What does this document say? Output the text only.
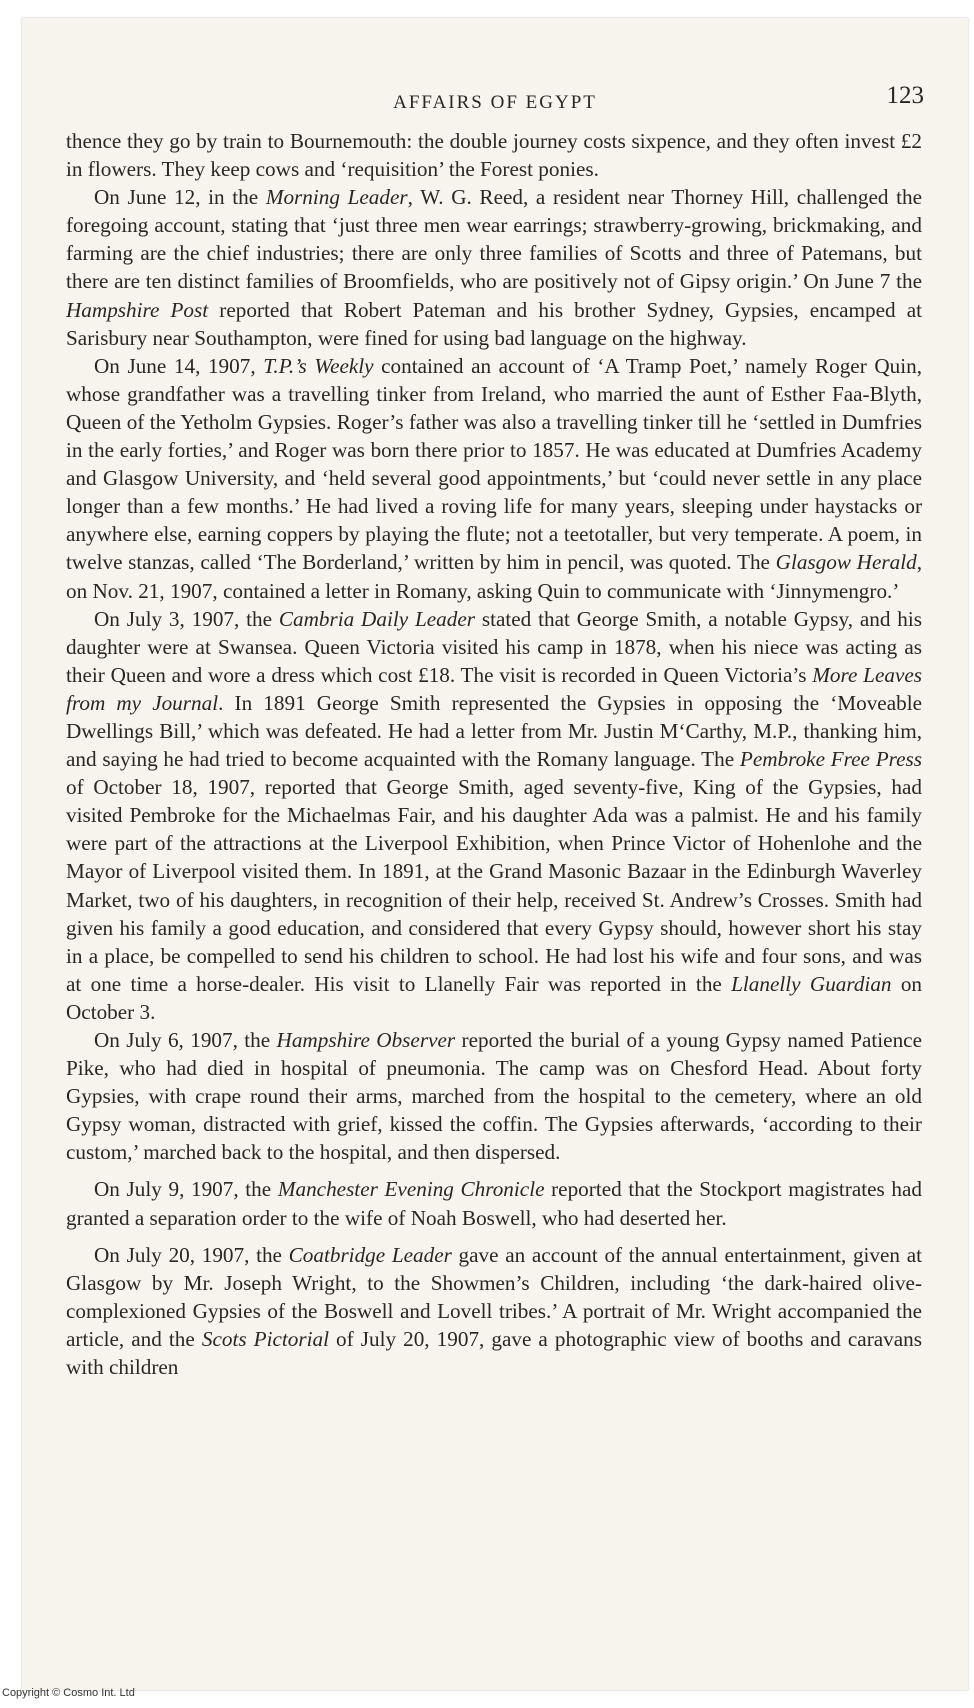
AFFAIRS OF EGYPT	123

thence they go by train to Bournemouth: the double journey costs sixpence, and they often invest £2 in flowers. They keep cows and ‘requisition’ the Forest ponies.

On June 12, in the Morning Leader, W. G. Reed, a resident near Thorney Hill, challenged the foregoing account, stating that ‘just three men wear earrings; strawberry-growing, brickmaking, and farming are the chief industries; there are only three families of Scotts and three of Patemans, but there are ten distinct families of Broomfields, who are positively not of Gipsy origin.’ On June 7 the Hampshire Post reported that Robert Pateman and his brother Sydney, Gypsies, encamped at Sarisbury near Southampton, were fined for using bad language on the highway.

On June 14, 1907, T.P.’s Weekly contained an account of ‘A Tramp Poet,’ namely Roger Quin, whose grandfather was a travelling tinker from Ireland, who married the aunt of Esther Faa-Blyth, Queen of the Yetholm Gypsies. Roger’s father was also a travelling tinker till he ‘settled in Dumfries in the early forties,’ and Roger was born there prior to 1857. He was educated at Dumfries Academy and Glasgow University, and ‘held several good appointments,’ but ‘could never settle in any place longer than a few months.’ He had lived a roving life for many years, sleeping under haystacks or anywhere else, earning coppers by playing the flute; not a teetotaller, but very temperate. A poem, in twelve stanzas, called ‘The Borderland,’ written by him in pencil, was quoted. The Glasgow Herald, on Nov. 21, 1907, contained a letter in Romany, asking Quin to communicate with ‘Jinnymengro.’

On July 3, 1907, the Cambria Daily Leader stated that George Smith, a notable Gypsy, and his daughter were at Swansea. Queen Victoria visited his camp in 1878, when his niece was acting as their Queen and wore a dress which cost £18. The visit is recorded in Queen Victoria’s More Leaves from my Journal. In 1891 George Smith represented the Gypsies in opposing the ‘Moveable Dwellings Bill,’ which was defeated. He had a letter from Mr. Justin M‘Carthy, M.P., thanking him, and saying he had tried to become acquainted with the Romany language. The Pembroke Free Press of October 18, 1907, reported that George Smith, aged seventy-five, King of the Gypsies, had visited Pembroke for the Michaelmas Fair, and his daughter Ada was a palmist. He and his family were part of the attractions at the Liverpool Exhibition, when Prince Victor of Hohenlohe and the Mayor of Liverpool visited them. In 1891, at the Grand Masonic Bazaar in the Edinburgh Waverley Market, two of his daughters, in recognition of their help, received St. Andrew’s Crosses. Smith had given his family a good education, and considered that every Gypsy should, however short his stay in a place, be compelled to send his children to school. He had lost his wife and four sons, and was at one time a horse-dealer. His visit to Llanelly Fair was reported in the Llanelly Guardian on October 3.

On July 6, 1907, the Hampshire Observer reported the burial of a young Gypsy named Patience Pike, who had died in hospital of pneumonia. The camp was on Chesford Head. About forty Gypsies, with crape round their arms, marched from the hospital to the cemetery, where an old Gypsy woman, distracted with grief, kissed the coffin. The Gypsies afterwards, ‘according to their custom,’ marched back to the hospital, and then dispersed.

On July 9, 1907, the Manchester Evening Chronicle reported that the Stockport magistrates had granted a separation order to the wife of Noah Boswell, who had deserted her.

On July 20, 1907, the Coatbridge Leader gave an account of the annual entertainment, given at Glasgow by Mr. Joseph Wright, to the Showmen’s Children, including ‘the dark-haired olive-complexioned Gypsies of the Boswell and Lovell tribes.’ A portrait of Mr. Wright accompanied the article, and the Scots Pictorial of July 20, 1907, gave a photographic view of booths and caravans with children

Copyright © Cosmo Int. Ltd
